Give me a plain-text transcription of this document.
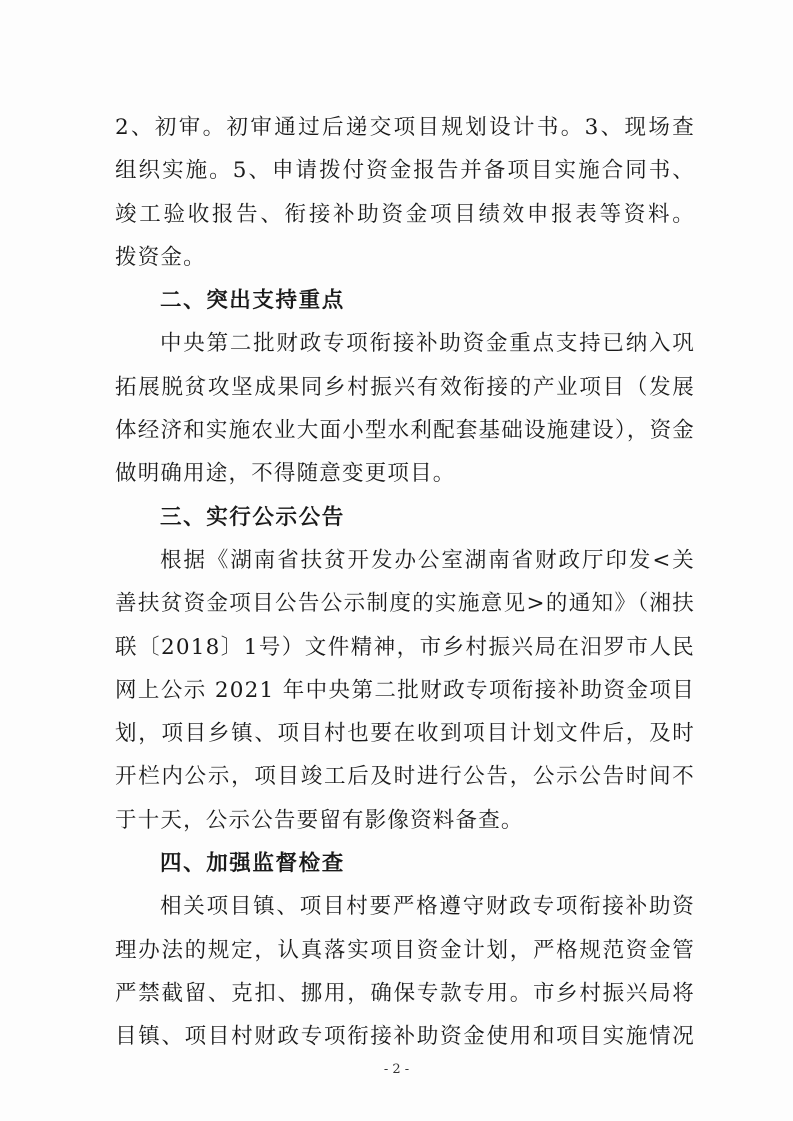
2、初审。初审通过后递交项目规划设计书。3、现场查
组织实施。5、申请拨付资金报告并备项目实施合同书、
竣工验收报告、衔接补助资金项目绩效申报表等资料。
拨资金。
二、突出支持重点
中央第二批财政专项衔接补助资金重点支持已纳入巩
拓展脱贫攻坚成果同乡村振兴有效衔接的产业项目（发展
体经济和实施农业大面小型水利配套基础设施建设），资金
做明确用途，不得随意变更项目。
三、实行公示公告
根据《湖南省扶贫开发办公室湖南省财政厅印发<关
善扶贫资金项目公告公示制度的实施意见>的通知》（湘扶
联〔2018〕1号）文件精神，市乡村振兴局在汨罗市人民
网上公示 2021 年中央第二批财政专项衔接补助资金项目
划，项目乡镇、项目村也要在收到项目计划文件后，及时
开栏内公示，项目竣工后及时进行公告，公示公告时间不
于十天，公示公告要留有影像资料备查。
四、加强监督检查
相关项目镇、项目村要严格遵守财政专项衔接补助资
理办法的规定，认真落实项目资金计划，严格规范资金管
严禁截留、克扣、挪用，确保专款专用。市乡村振兴局将
目镇、项目村财政专项衔接补助资金使用和项目实施情况
- 2 -
